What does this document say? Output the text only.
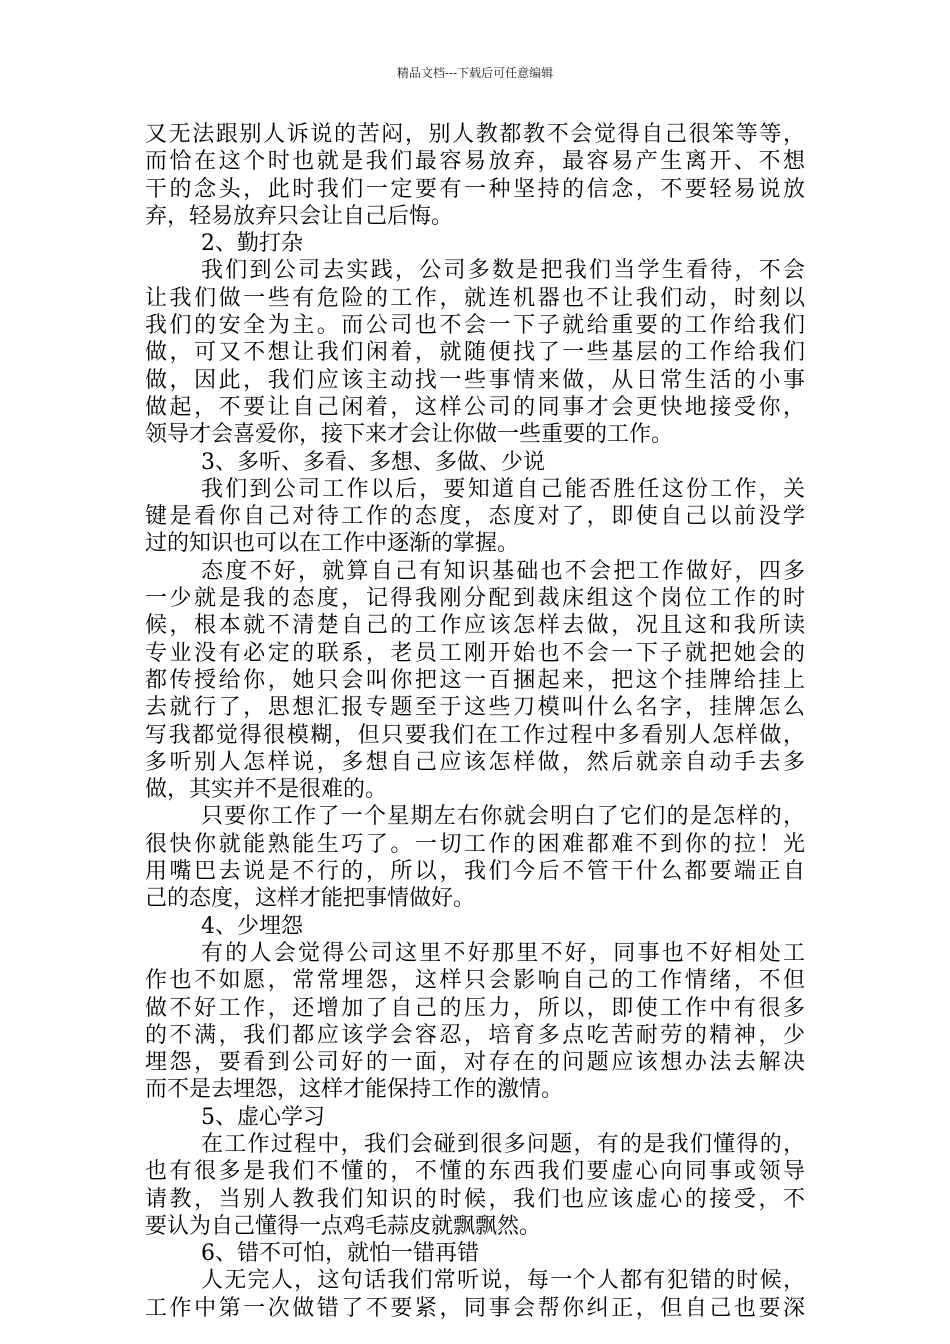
精品文档---下载后可任意编辑
又无法跟别人诉说的苦闷，别人教都教不会觉得自己很笨等等，
而恰在这个时也就是我们最容易放弃，最容易产生离开、不想
干的念头，此时我们一定要有一种坚持的信念，不要轻易说放
弃，轻易放弃只会让自己后悔。
2、勤打杂
我们到公司去实践，公司多数是把我们当学生看待，不会
让我们做一些有危险的工作，就连机器也不让我们动，时刻以
我们的安全为主。而公司也不会一下子就给重要的工作给我们
做，可又不想让我们闲着，就随便找了一些基层的工作给我们
做，因此，我们应该主动找一些事情来做，从日常生活的小事
做起，不要让自己闲着，这样公司的同事才会更快地接受你，
领导才会喜爱你，接下来才会让你做一些重要的工作。
3、多听、多看、多想、多做、少说
我们到公司工作以后，要知道自己能否胜任这份工作，关
键是看你自己对待工作的态度，态度对了，即使自己以前没学
过的知识也可以在工作中逐渐的掌握。
态度不好，就算自己有知识基础也不会把工作做好，四多
一少就是我的态度，记得我刚分配到裁床组这个岗位工作的时
候，根本就不清楚自己的工作应该怎样去做，况且这和我所读
专业没有必定的联系，老员工刚开始也不会一下子就把她会的
都传授给你，她只会叫你把这一百捆起来，把这个挂牌给挂上
去就行了，思想汇报专题至于这些刀模叫什么名字，挂牌怎么
写我都觉得很模糊，但只要我们在工作过程中多看别人怎样做，
多听别人怎样说，多想自己应该怎样做，然后就亲自动手去多
做，其实并不是很难的。
只要你工作了一个星期左右你就会明白了它们的是怎样的，
很快你就能熟能生巧了。一切工作的困难都难不到你的拉！光
用嘴巴去说是不行的，所以，我们今后不管干什么都要端正自
己的态度，这样才能把事情做好。
4、少埋怨
有的人会觉得公司这里不好那里不好，同事也不好相处工
作也不如愿，常常埋怨，这样只会影响自己的工作情绪，不但
做不好工作，还增加了自己的压力，所以，即使工作中有很多
的不满，我们都应该学会容忍，培育多点吃苦耐劳的精神，少
埋怨，要看到公司好的一面，对存在的问题应该想办法去解决
而不是去埋怨，这样才能保持工作的激情。
5、虚心学习
在工作过程中，我们会碰到很多问题，有的是我们懂得的，
也有很多是我们不懂的，不懂的东西我们要虚心向同事或领导
请教，当别人教我们知识的时候，我们也应该虚心的接受，不
要认为自己懂得一点鸡毛蒜皮就飘飘然。
6、错不可怕，就怕一错再错
人无完人，这句话我们常听说，每一个人都有犯错的时候，
工作中第一次做错了不要紧，同事会帮你纠正，但自己也要深
